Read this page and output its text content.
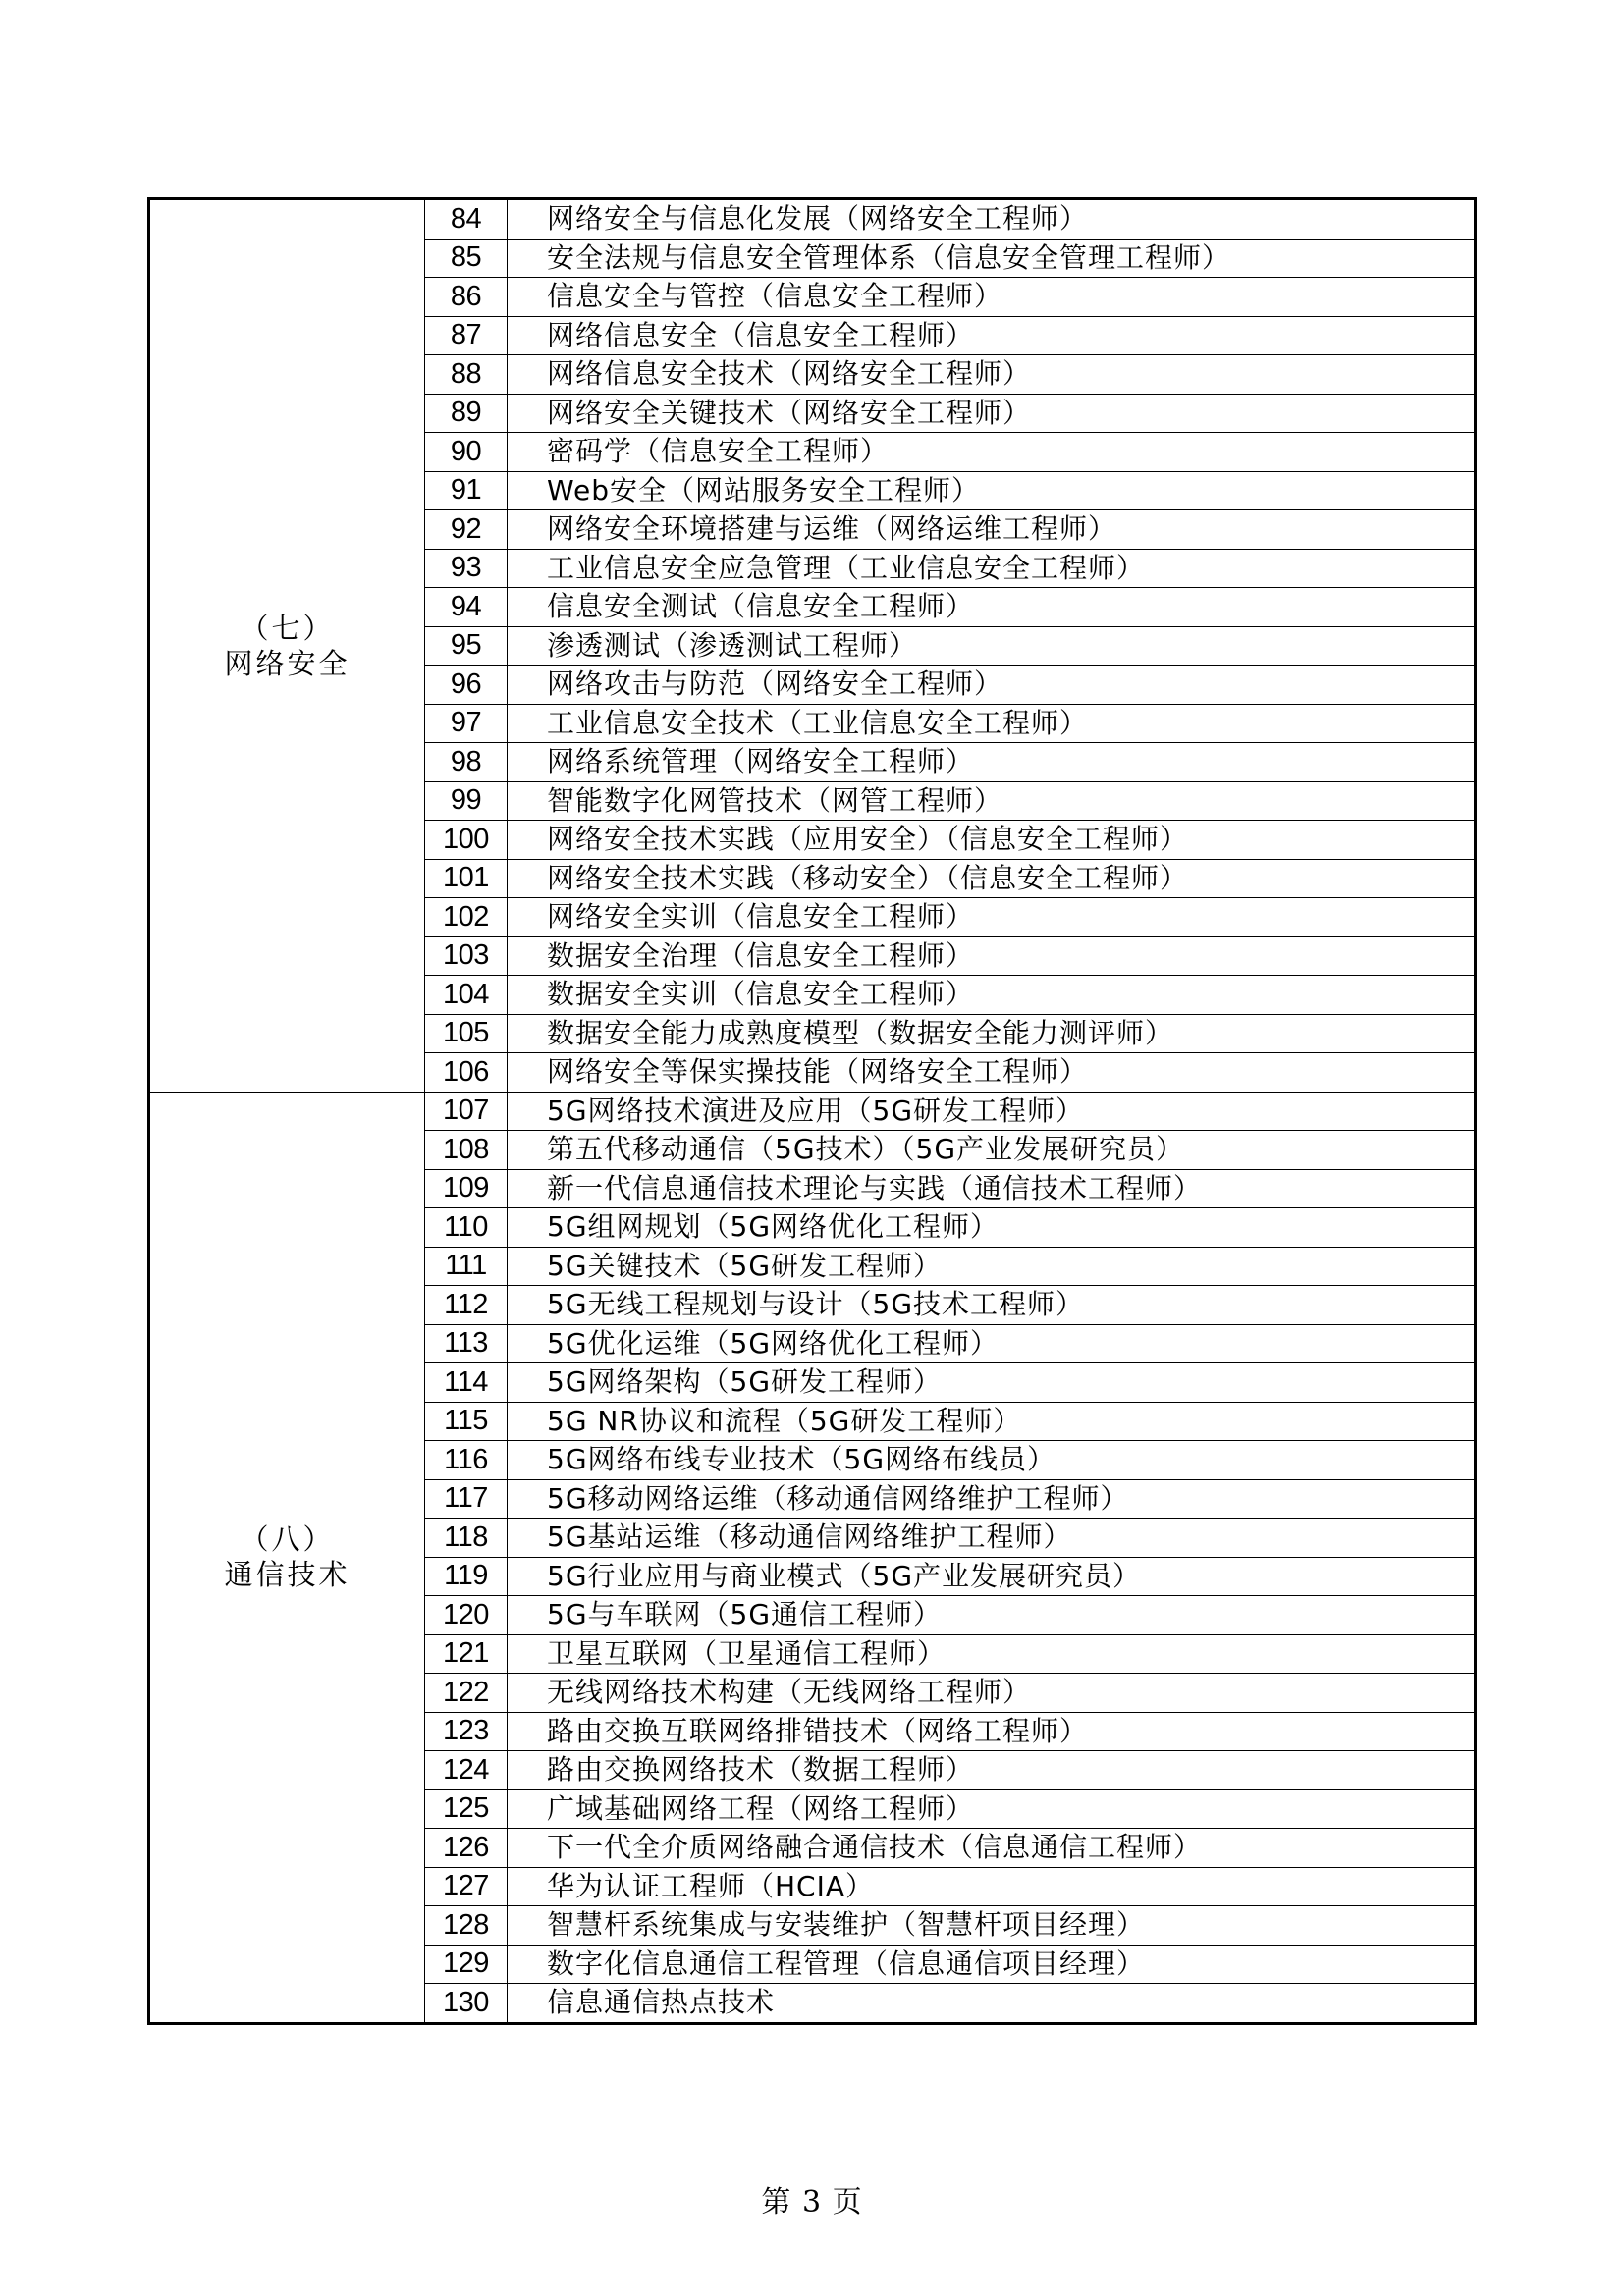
（七）
网络安全	84	网络安全与信息化发展（网络安全工程师）
	85	安全法规与信息安全管理体系（信息安全管理工程师）
	86	信息安全与管控（信息安全工程师）
	87	网络信息安全（信息安全工程师）
	88	网络信息安全技术（网络安全工程师）
	89	网络安全关键技术（网络安全工程师）
	90	密码学（信息安全工程师）
	91	Web安全（网站服务安全工程师）
	92	网络安全环境搭建与运维（网络运维工程师）
	93	工业信息安全应急管理（工业信息安全工程师）
	94	信息安全测试（信息安全工程师）
	95	渗透测试（渗透测试工程师）
	96	网络攻击与防范（网络安全工程师）
	97	工业信息安全技术（工业信息安全工程师）
	98	网络系统管理（网络安全工程师）
	99	智能数字化网管技术（网管工程师）
	100	网络安全技术实践（应用安全）（信息安全工程师）
	101	网络安全技术实践（移动安全）（信息安全工程师）
	102	网络安全实训（信息安全工程师）
	103	数据安全治理（信息安全工程师）
	104	数据安全实训（信息安全工程师）
	105	数据安全能力成熟度模型（数据安全能力测评师）
	106	网络安全等保实操技能（网络安全工程师）

（八）
通信技术	107	5G网络技术演进及应用（5G研发工程师）
	108	第五代移动通信（5G技术）（5G产业发展研究员）
	109	新一代信息通信技术理论与实践（通信技术工程师）
	110	5G组网规划（5G网络优化工程师）
	111	5G关键技术（5G研发工程师）
	112	5G无线工程规划与设计（5G技术工程师）
	113	5G优化运维（5G网络优化工程师）
	114	5G网络架构（5G研发工程师）
	115	5G NR协议和流程（5G研发工程师）
	116	5G网络布线专业技术（5G网络布线员）
	117	5G移动网络运维（移动通信网络维护工程师）
	118	5G基站运维（移动通信网络维护工程师）
	119	5G行业应用与商业模式（5G产业发展研究员）
	120	5G与车联网（5G通信工程师）
	121	卫星互联网（卫星通信工程师）
	122	无线网络技术构建（无线网络工程师）
	123	路由交换互联网络排错技术（网络工程师）
	124	路由交换网络技术（数据工程师）
	125	广域基础网络工程（网络工程师）
	126	下一代全介质网络融合通信技术（信息通信工程师）
	127	华为认证工程师（HCIA）
	128	智慧杆系统集成与安装维护（智慧杆项目经理）
	129	数字化信息通信工程管理（信息通信项目经理）
	130	信息通信热点技术
第 3 页
